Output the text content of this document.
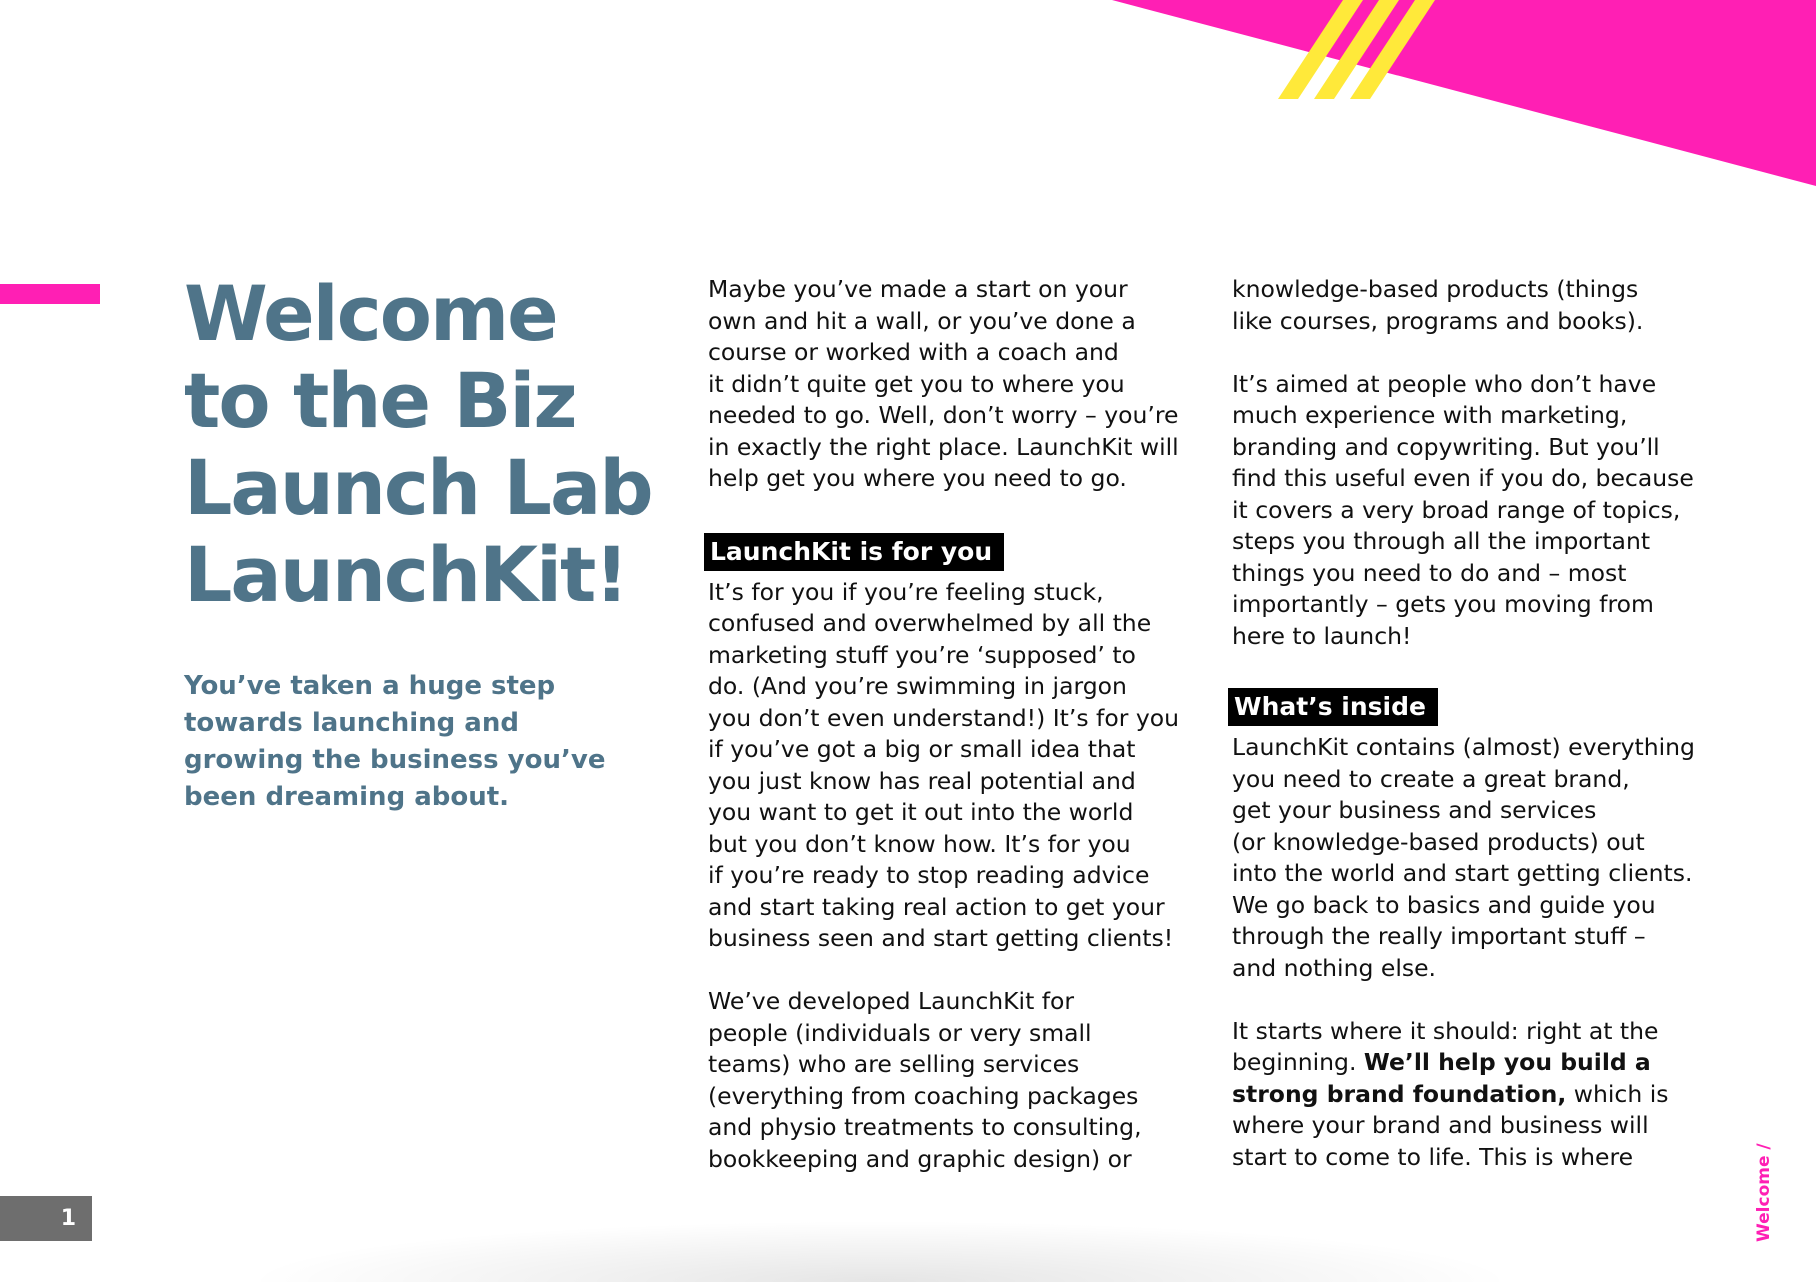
Welcome
to the Biz
Launch Lab
LaunchKit!

You’ve taken a huge step
towards launching and
growing the business you’ve
been dreaming about.

Maybe you’ve made a start on your
own and hit a wall, or you’ve done a
course or worked with a coach and
it didn’t quite get you to where you
needed to go. Well, don’t worry – you’re
in exactly the right place. LaunchKit will
help get you where you need to go.
LaunchKit is for you
It’s for you if you’re feeling stuck,
confused and overwhelmed by all the
marketing stuff you’re ‘supposed’ to
do. (And you’re swimming in jargon
you don’t even understand!) It’s for you
if you’ve got a big or small idea that
you just know has real potential and
you want to get it out into the world
but you don’t know how. It’s for you
if you’re ready to stop reading advice
and start taking real action to get your
business seen and start getting clients!
We’ve developed LaunchKit for
people (individuals or very small
teams) who are selling services
(everything from coaching packages
and physio treatments to consulting,
bookkeeping and graphic design) or
knowledge-based products (things
like courses, programs and books).
It’s aimed at people who don’t have
much experience with marketing,
branding and copywriting. But you’ll
find this useful even if you do, because
it covers a very broad range of topics,
steps you through all the important
things you need to do and – most
importantly – gets you moving from
here to launch!
What’s inside
LaunchKit contains (almost) everything
you need to create a great brand,
get your business and services
(or knowledge-based products) out
into the world and start getting clients.
We go back to basics and guide you
through the really important stuff –
and nothing else.
It starts where it should: right at the
beginning. We’ll help you build a
strong brand foundation, which is
where your brand and business will
start to come to life. This is where
1	Welcome /
